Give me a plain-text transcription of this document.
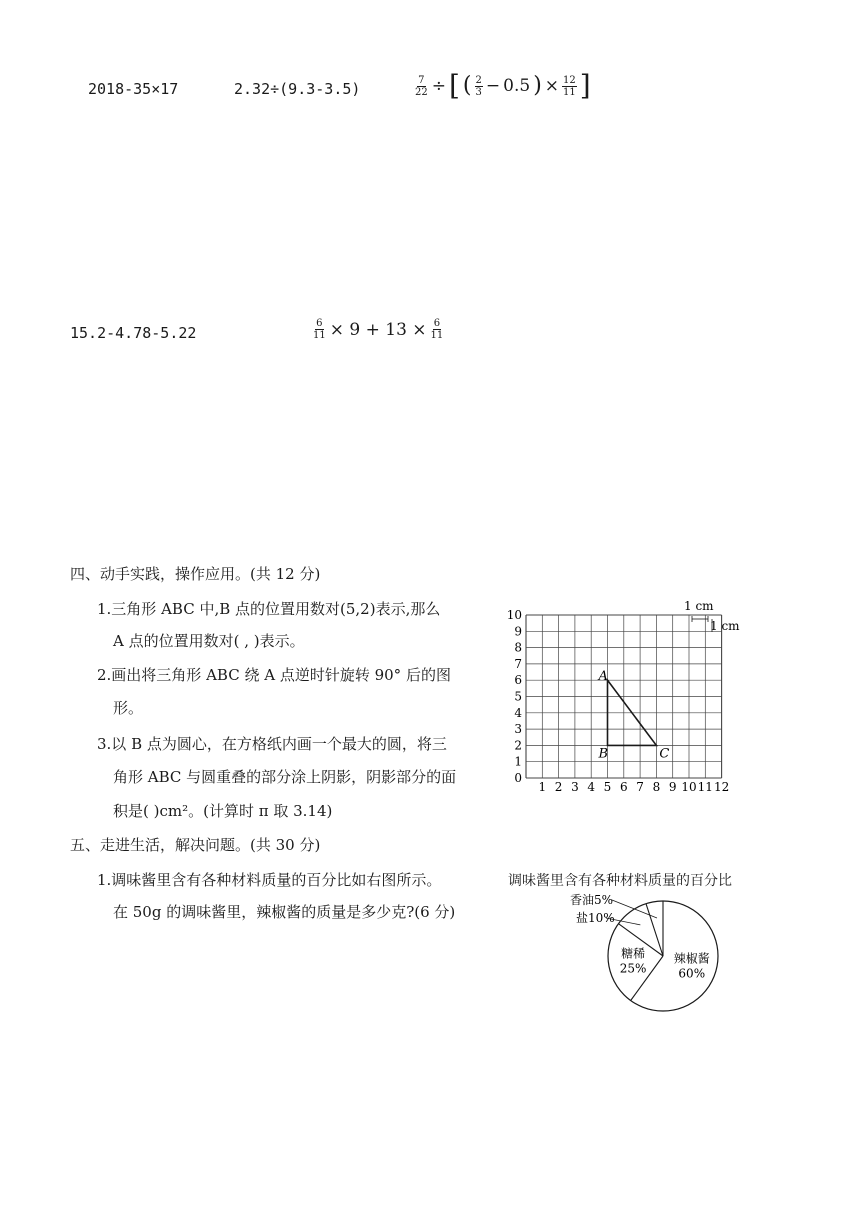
2018-35×17	2.32÷(9.3-3.5)	$\frac{7}{22}$ ÷ [ ( $\frac{2}{3} - 0.5$ ) × $\frac{12}{11}$ ]
15.2-4.78-5.22	$\frac{6}{11} \times 9 + 13 \times \frac{6}{11}$
四、动手实践，操作应用。(共 12 分)
1.三角形 ABC 中,B 点的位置用数对(5,2)表示,那么
A 点的位置用数对( , )表示。
2.画出将三角形 ABC 绕 A 点逆时针旋转 90° 后的图
形。
3.以 B 点为圆心，在方格纸内画一个最大的圆，将三
角形 ABC 与圆重叠的部分涂上阴影，阴影部分的面
积是( )cm²。(计算时 π 取 3.14)
1 2 3 4 5 6 7 8 9 10 11 12
0
1
2
3
4
5
6
7
8
9
10
A
B	C
1 cm
1 cm
五、走进生活，解决问题。(共 30 分)
1.调味酱里含有各种材料质量的百分比如右图所示。
在 50g 的调味酱里，辣椒酱的质量是多少克?(6 分)
调味酱里含有各种材料质量的百分比
辣椒酱
60%
糖稀
25%
盐 10%
香油 5%
